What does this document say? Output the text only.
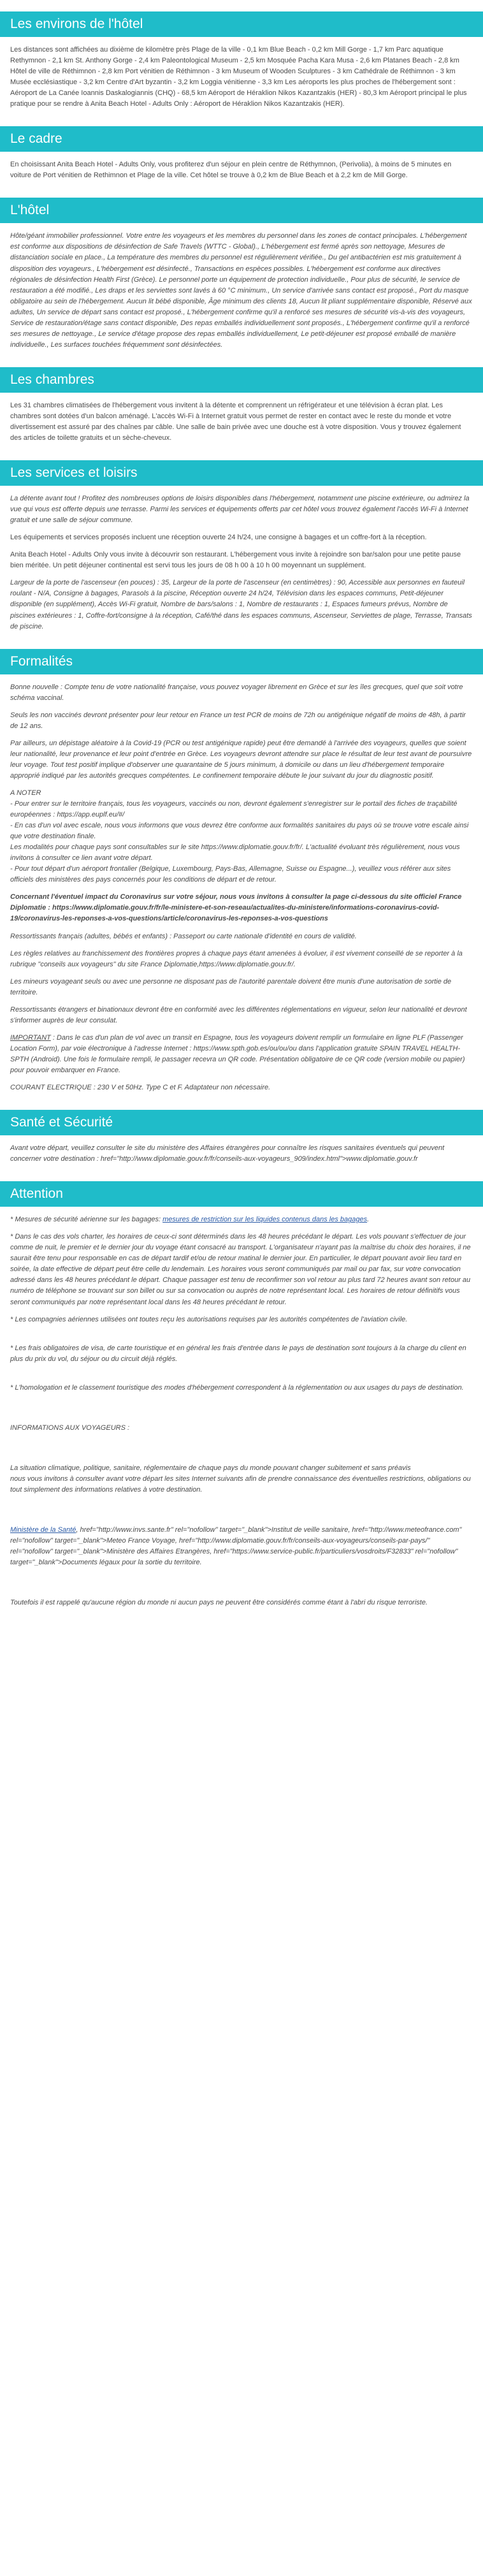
Les environs de l'hôtel

Les distances sont affichées au dixième de kilomètre près Plage de la ville - 0,1 km Blue Beach - 0,2 km Mill Gorge - 1,7 km Parc aquatique Rethymnon - 2,1 km St. Anthony Gorge - 2,4 km Paleontological Museum - 2,5 km Mosquée Pacha Kara Musa - 2,6 km Platanes Beach - 2,8 km Hôtel de ville de Réthimnon - 2,8 km Port vénitien de Réthimnon - 3 km Museum of Wooden Sculptures - 3 km Cathédrale de Réthimnon - 3 km Musée ecclésiastique - 3,2 km Centre d'Art byzantin - 3,2 km Loggia vénitienne - 3,3 km Les aéroports les plus proches de l'hébergement sont : Aéroport de La Canée Ioannis Daskalogiannis (CHQ) - 68,5 km Aéroport de Héraklion Nikos Kazantzakis (HER) - 80,3 km Aéroport principal le plus pratique pour se rendre à Anita Beach Hotel - Adults Only : Aéroport de Héraklion Nikos Kazantzakis (HER).

Le cadre

En choisissant Anita Beach Hotel - Adults Only, vous profiterez d'un séjour en plein centre de Réthymnon, (Perivolia), à moins de 5 minutes en voiture de Port vénitien de Rethimnon et Plage de la ville. Cet hôtel se trouve à 0,2 km de Blue Beach et à 2,2 km de Mill Gorge.

L'hôtel

Hôte/géant immobilier professionnel. Votre entre les voyageurs et les membres du personnel dans les zones de contact principales. L'hébergement est conforme aux dispositions de désinfection de Safe Travels (WTTC - Global)., L'hébergement est fermé après son nettoyage, Mesures de distanciation sociale en place., La température des membres du personnel est régulièrement vérifiée., Du gel antibactérien est mis gratuitement à disposition des voyageurs., L'hébergement est désinfecté., Transactions en espèces possibles. L'hébergement est conforme aux directives régionales de désinfection Health First (Grèce). Le personnel porte un équipement de protection individuelle., Pour plus de sécurité, le service de restauration a été modifié., Les draps et les serviettes sont lavés à 60 °C minimum., Un service d'arrivée sans contact est proposé., Port du masque obligatoire au sein de l'hébergement. Aucun lit bébé disponible, Âge minimum des clients 18, Aucun lit pliant supplémentaire disponible, Réservé aux adultes, Un service de départ sans contact est proposé., L'hébergement confirme qu'il a renforcé ses mesures de sécurité vis-à-vis des voyageurs, Service de restauration/étage sans contact disponible, Des repas emballés individuellement sont proposés., L'hébergement confirme qu'il a renforcé ses mesures de nettoyage., Le service d'étage propose des repas emballés individuellement, Le petit-déjeuner est proposé emballé de manière individuelle., Les surfaces touchées fréquemment sont désinfectées.

Les chambres

Les 31 chambres climatisées de l'hébergement vous invitent à la détente et comprennent un réfrigérateur et une télévision à écran plat. Les chambres sont dotées d'un balcon aménagé. L'accès Wi-Fi à Internet gratuit vous permet de rester en contact avec le reste du monde et votre divertissement est assuré par des chaînes par câble. Une salle de bain privée avec une douche est à votre disposition. Vous y trouvez également des articles de toilette gratuits et un sèche-cheveux.

Les services et loisirs

La détente avant tout ! Profitez des nombreuses options de loisirs disponibles dans l'hébergement, notamment une piscine extérieure, ou admirez la vue qui vous est offerte depuis une terrasse. Parmi les services et équipements offerts par cet hôtel vous trouvez également l'accès Wi-Fi à Internet gratuit et une salle de séjour commune.

Les équipements et services proposés incluent une réception ouverte 24 h/24, une consigne à bagages et un coffre-fort à la réception.

Anita Beach Hotel - Adults Only vous invite à découvrir son restaurant. L'hébergement vous invite à rejoindre son bar/salon pour une petite pause bien méritée. Un petit déjeuner continental est servi tous les jours de 08 h 00 à 10 h 00 moyennant un supplément.

Largeur de la porte de l'ascenseur (en pouces) : 35, Largeur de la porte de l'ascenseur (en centimètres) : 90, Accessible aux personnes en fauteuil roulant - N/A, Consigne à bagages, Parasols à la piscine, Réception ouverte 24 h/24, Télévision dans les espaces communs, Petit-déjeuner disponible (en supplément), Accès Wi-Fi gratuit, Nombre de bars/salons : 1, Nombre de restaurants : 1, Espaces fumeurs prévus, Nombre de piscines extérieures : 1, Coffre-fort/consigne à la réception, Café/thé dans les espaces communs, Ascenseur, Serviettes de plage, Terrasse, Transats de piscine.

Formalités

Bonne nouvelle : Compte tenu de votre nationalité française, vous pouvez voyager librement en Grèce et sur les îles grecques, quel que soit votre schéma vaccinal.

Seuls les non vaccinés devront présenter pour leur retour en France un test PCR de moins de 72h ou antigénique négatif de moins de 48h, à partir de 12 ans.

Par ailleurs, un dépistage aléatoire à la Covid-19 (PCR ou test antigénique rapide) peut être demandé à l'arrivée des voyageurs, quelles que soient leur nationalité, leur provenance et leur point d'entrée en Grèce. Les voyageurs devront attendre sur place le résultat de leur test avant de poursuivre leur voyage. Tout test positif implique d'observer une quarantaine de 5 jours minimum, à domicile ou dans un lieu d'hébergement temporaire approprié indiqué par les autorités grecques compétentes. Le confinement temporaire débute le jour suivant du jour du diagnostic positif.

A NOTER

- Pour entrer sur le territoire français, tous les voyageurs, vaccinés ou non, devront également s'enregistrer sur le portail des fiches de traçabilité européennes : https://app.euplf.eu/#/

- En cas d'un vol avec escale, nous vous informons que vous devrez être conforme aux formalités sanitaires du pays où se trouve votre escale ainsi que votre destination finale.

Les modalités pour chaque pays sont consultables sur le site https://www.diplomatie.gouv.fr/fr/. L'actualité évoluant très régulièrement, nous vous invitons à consulter ce lien avant votre départ.

- Pour tout départ d'un aéroport frontalier (Belgique, Luxembourg, Pays-Bas, Allemagne, Suisse ou Espagne...), veuillez vous référer aux sites officiels des ministères des pays concernés pour les conditions de départ et de retour.

Concernant l'éventuel impact du Coronavirus sur votre séjour, nous vous invitons à consulter la page ci-dessous du site officiel France Diplomatie : https://www.diplomatie.gouv.fr/fr/le-ministere-et-son-reseau/actualites-du-ministere/informations-coronavirus-covid-19/coronavirus-les-reponses-a-vos-questions/article/coronavirus-les-reponses-a-vos-questions

Ressortissants français (adultes, bébés et enfants) : Passeport ou carte nationale d'identité en cours de validité.

Les règles relatives au franchissement des frontières propres à chaque pays étant amenées à évoluer, il est vivement conseillé de se reporter à la rubrique "conseils aux voyageurs" du site France Diplomatie,https://www.diplomatie.gouv.fr/.

Les mineurs voyageant seuls ou avec une personne ne disposant pas de l'autorité parentale doivent être munis d'une autorisation de sortie de territoire.

Ressortissants étrangers et binationaux devront être en conformité avec les différentes réglementations en vigueur, selon leur nationalité et devront s'informer auprès de leur consulat.

IMPORTANT : Dans le cas d'un plan de vol avec un transit en Espagne, tous les voyageurs doivent remplir un formulaire en ligne PLF (Passenger Location Form), par voie électronique à l'adresse Internet : https://www.spth.gob.es/ou/ou/ou dans l'application gratuite SPAIN TRAVEL HEALTH-SPTH (Android). Une fois le formulaire rempli, le passager recevra un QR code. Présentation obligatoire de ce QR code (version mobile ou papier) pour pouvoir embarquer en France.

COURANT ELECTRIQUE : 230 V et 50Hz. Type C et F. Adaptateur non nécessaire.

Santé et Sécurité

Avant votre départ, veuillez consulter le site du ministère des Affaires étrangères pour connaître les risques sanitaires éventuels qui peuvent concerner votre destination : href="http://www.diplomatie.gouv.fr/fr/conseils-aux-voyageurs_909/index.html">www.diplomatie.gouv.fr

Attention

* Mesures de sécurité aérienne sur les bagages: mesures de restriction sur les liquides contenus dans les bagages.

* Dans le cas des vols charter, les horaires de ceux-ci sont déterminés dans les 48 heures précédant le départ. Les vols pouvant s'effectuer de jour comme de nuit, le premier et le dernier jour du voyage étant consacré au transport. L'organisateur n'ayant pas la maîtrise du choix des horaires, il ne saurait être tenu pour responsable en cas de départ tardif et/ou de retour matinal le dernier jour. En particulier, le départ pouvant avoir lieu tard en soirée, la date effective de départ peut être celle du lendemain. Les horaires vous seront communiqués par mail ou par fax, sur votre convocation adressé dans les 48 heures précédant le départ. Chaque passager est tenu de reconfirmer son vol retour au plus tard 72 heures avant son retour au numéro de téléphone se trouvant sur son billet ou sur sa convocation ou auprès de notre représentant local. Les horaires de retour définitifs vous seront communiqués par notre représentant local dans les 48 heures précédant le retour.

* Les compagnies aériennes utilisées ont toutes reçu les autorisations requises par les autorités compétentes de l'aviation civile.

* Les frais obligatoires de visa, de carte touristique et en général les frais d'entrée dans le pays de destination sont toujours à la charge du client en plus du prix du vol, du séjour ou du circuit déjà réglés.

* L'homologation et le classement touristique des modes d'hébergement correspondent à la réglementation ou aux usages du pays de destination.

INFORMATIONS AUX VOYAGEURS :

La situation climatique, politique, sanitaire, réglementaire de chaque pays du monde pouvant changer subitement et sans préavis

nous vous invitons à consulter avant votre départ les sites Internet suivants afin de prendre connaissance des éventuelles restrictions, obligations ou tout simplement des informations relatives à votre destination.

Ministère de la Santé, href="http://www.invs.sante.fr" rel="nofollow" target="_blank">Institut de veille sanitaire, href="http://www.meteofrance.com" rel="nofollow" target="_blank">Meteo France Voyage, href="http://www.diplomatie.gouv.fr/fr/conseils-aux-voyageurs/conseils-par-pays/" rel="nofollow" target="_blank">Ministère des Affaires Etrangères, href="https://www.service-public.fr/particuliers/vosdroits/F32833" rel="nofollow" target="_blank">Documents légaux pour la sortie du territoire.

Toutefois il est rappelé qu'aucune région du monde ni aucun pays ne peuvent être considérés comme étant à l'abri du risque terroriste.
